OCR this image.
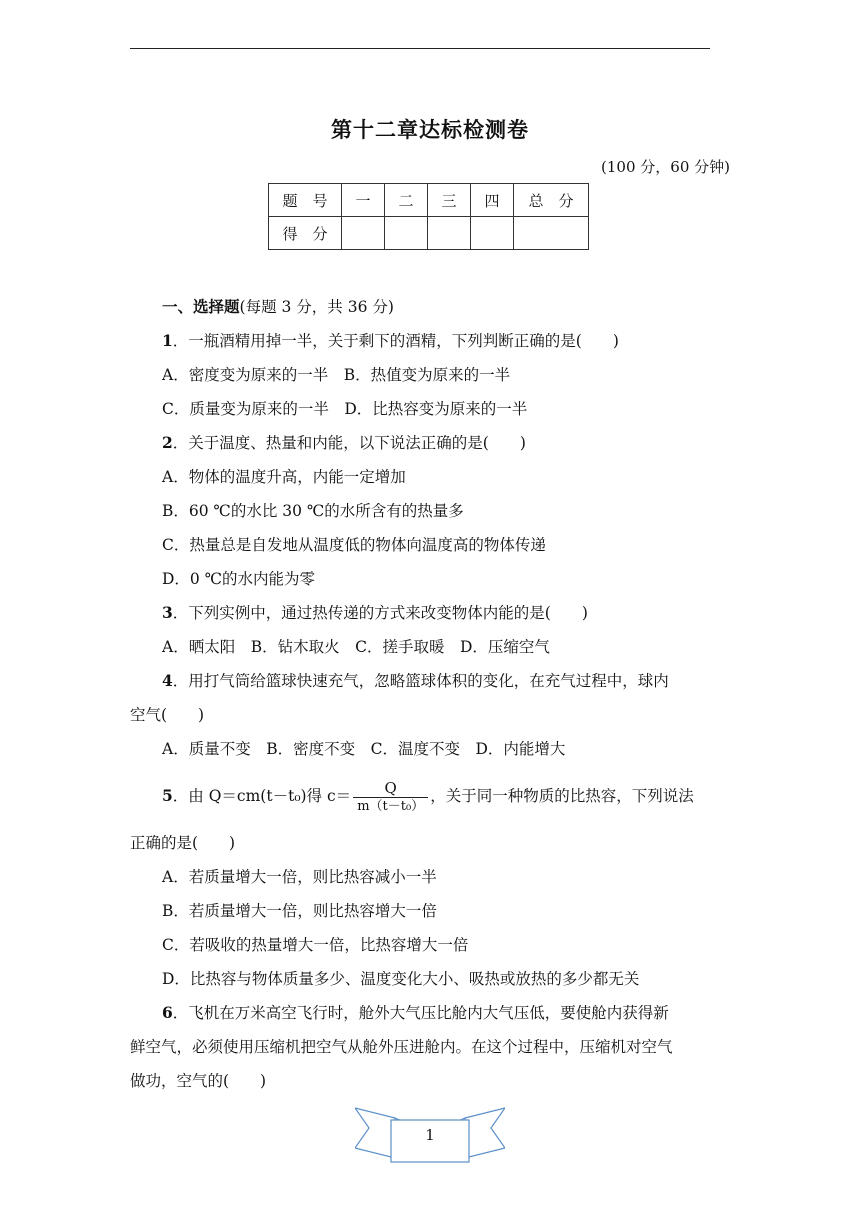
第十二章达标检测卷
(100 分，60 分钟)
题　号	一	二	三	四	总　分
得　分					
一、选择题(每题 3 分，共 36 分)
1．一瓶酒精用掉一半，关于剩下的酒精，下列判断正确的是(　　)
A．密度变为原来的一半　B．热值变为原来的一半
C．质量变为原来的一半　D．比热容变为原来的一半
2．关于温度、热量和内能，以下说法正确的是(　　)
A．物体的温度升高，内能一定增加
B．60 ℃的水比 30 ℃的水所含有的热量多
C．热量总是自发地从温度低的物体向温度高的物体传递
D．0 ℃的水内能为零
3．下列实例中，通过热传递的方式来改变物体内能的是(　　)
A．晒太阳　B．钻木取火　C．搓手取暖　D．压缩空气
4．用打气筒给篮球快速充气，忽略篮球体积的变化，在充气过程中，球内
空气(　　)
A．质量不变　B．密度不变　C．温度不变　D．内能增大
5．由 Q＝cm(t－t₀)得 $c= \frac{Q}{\text{m（t－t₀）}}$ ，关于同一种物质的比热容，下列说法
正确的是(　　)
A．若质量增大一倍，则比热容减小一半
B．若质量增大一倍，则比热容增大一倍
C．若吸收的热量增大一倍，比热容增大一倍
D．比热容与物体质量多少、温度变化大小、吸热或放热的多少都无关
6．飞机在万米高空飞行时，舱外大气压比舱内大气压低，要使舱内获得新
鲜空气，必须使用压缩机把空气从舱外压进舱内。在这个过程中，压缩机对空气
做功，空气的(　　)
1
